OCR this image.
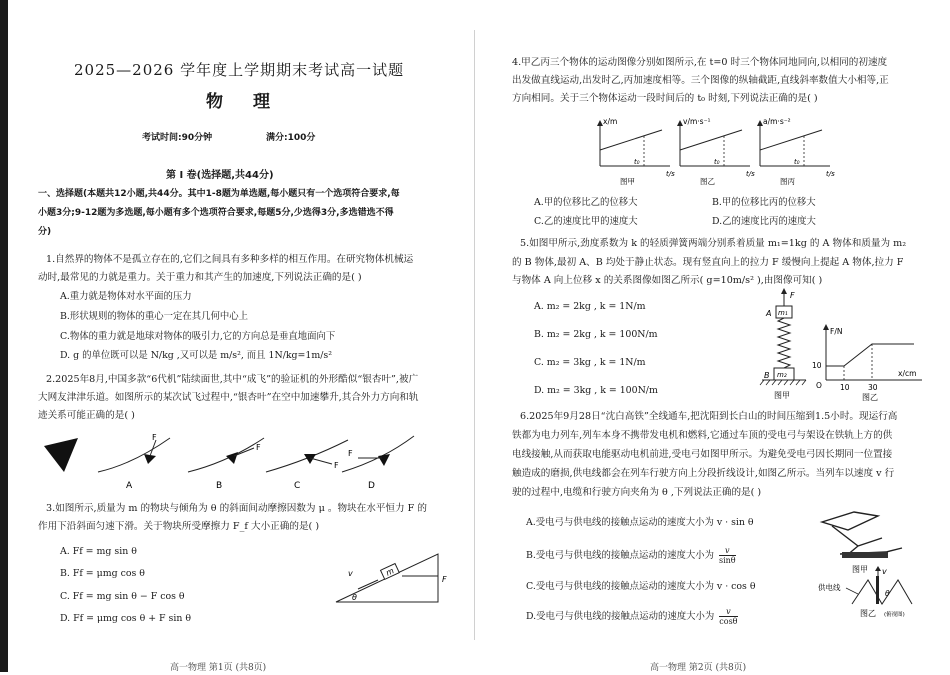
2025—2026 学年度上学期期末考试高一试题
物理
考试时间:90分钟	满分:100分
第 Ⅰ 卷(选择题,共44分)
一、选择题(本题共12小题,共44分。其中1-8题为单选题,每小题只有一个选项符合要求,每
小题3分;9-12题为多选题,每小题有多个选项符合要求,每题5分,少选得3分,多选错选不得
分)
1.自然界的物体不是孤立存在的,它们之间具有多种多样的相互作用。在研究物体机械运
动时,最常见的力就是重力。关于重力和其产生的加速度,下列说法正确的是( )
A.重力就是物体对水平面的压力
B.形状规则的物体的重心一定在其几何中心上
C.物体的重力就是地球对物体的吸引力,它的方向总是垂直地面向下
D. g 的单位既可以是 N/kg ,又可以是 m/s², 而且 1N/kg=1m/s²
2.2025年8月,中国多款“6代机”陆续面世,其中“成飞”的验证机的外形酷似“银杏叶”,被广
大网友津津乐道。如图所示的某次试飞过程中,“银杏叶”在空中加速攀升,其合外力方向和轨
迹关系可能正确的是( )
F
A
F
B
F
C
F
D
3.如图所示,质量为 m 的物块与倾角为 θ 的斜面间动摩擦因数为 μ 。物块在水平恒力 F 的
作用下沿斜面匀速下滑。关于物块所受摩擦力 F_f 大小正确的是( )
A. Ff = mg sin θ
B. Ff = μmg cos θ
C. Ff = mg sin θ − F cos θ
D. Ff = μmg cos θ + F sin θ
m
v
F
θ
4.甲乙丙三个物体的运动图像分别如图所示,在 t=0 时三个物体同地同向,以相同的初速度
出发做直线运动,出发时乙,丙加速度相等。三个图像的纵轴截距,直线斜率数值大小相等,正
方向相同。关于三个物体运动一段时间后的 t₀ 时刻,下列说法正确的是( )
x/m
t₀
t/s
图甲
v/m·s⁻¹
t₀
t/s
图乙
a/m·s⁻²
t₀
t/s
图丙
A.甲的位移比乙的位移大	B.甲的位移比丙的位移大
C.乙的速度比甲的速度大	D.乙的速度比丙的速度大
5.如图甲所示,劲度系数为 k 的轻质弹簧两端分别系着质量 m₁=1kg 的 A 物体和质量为 m₂
的 B 物体,最初 A、B 均处于静止状态。现有竖直向上的拉力 F 缓慢向上提起 A 物体,拉力 F
与物体 A 向上位移 x 的关系图像如图乙所示( g=10m/s² ),由图像可知( )
A. m₂ = 2kg , k = 1N/m
B. m₂ = 2kg , k = 100N/m
C. m₂ = 3kg , k = 1N/m
D. m₂ = 3kg , k = 100N/m
F
m₁
A
m₂
B
图甲
F/N
x/cm
O
10
10 30
图乙
6.2025年9月28日“沈白高铁”全线通车,把沈阳到长白山的时间压缩到1.5小时。现运行高
铁都为电力列车,列车本身不携带发电机和燃料,它通过车顶的受电弓与架设在铁轨上方的供
电线接触,从而获取电能驱动电机前进,受电弓如图甲所示。为避免受电弓因长期同一位置接
触造成的磨损,供电线都会在列车行驶方向上分段折线设计,如图乙所示。当列车以速度 v 行
驶的过程中,电缆和行驶方向夹角为 θ ,下列说法正确的是( )
A.受电弓与供电线的接触点运动的速度大小为 v · sin θ
B.受电弓与供电线的接触点运动的速度大小为 $\frac{v}{\sin\theta}$
C.受电弓与供电线的接触点运动的速度大小为 v · cos θ
D.受电弓与供电线的接触点运动的速度大小为 $\frac{v}{\cos\theta}$
图甲
供电线
v
θ
图乙 (俯视图)
高一物理 第1页 (共8页)	高一物理 第2页 (共8页)
